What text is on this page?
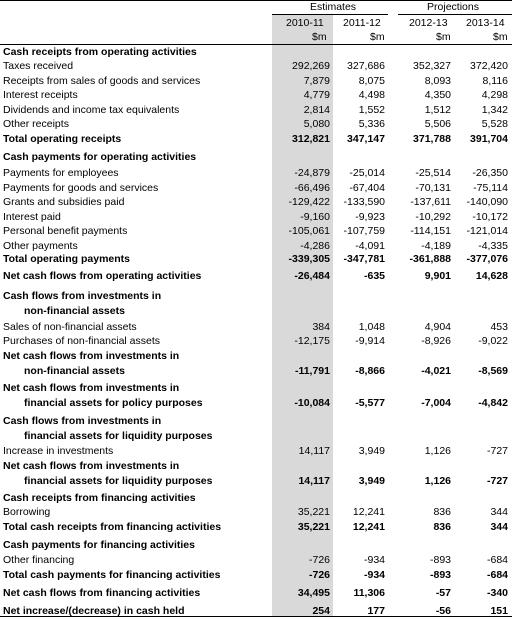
Estimates	Projections
2010-11 2011-12	2012-13 2013-14
$m	$m	$m	$m
Cash receipts from operating activities
Taxes received	292,269	327,686	352,327	372,420
Receipts from sales of goods and services	7,879	8,075	8,093	8,116
Interest receipts	4,779	4,498	4,350	4,298
Dividends and income tax equivalents	2,814	1,552	1,512	1,342
Other receipts	5,080	5,336	5,506	5,528
Total operating receipts	312,821	347,147	371,788	391,704
Cash payments for operating activities
Payments for employees	-24,879	-25,014	-25,514	-26,350
Payments for goods and services	-66,496	-67,404	-70,131	-75,114
Grants and subsidies paid	-129,422	-133,590	-137,611	-140,090
Interest paid	-9,160	-9,923	-10,292	-10,172
Personal benefit payments	-105,061	-107,759	-114,151	-121,014
Other payments	-4,286	-4,091	-4,189	-4,335
Total operating payments	-339,305	-347,781	-361,888	-377,076
Net cash flows from operating activities	-26,484	-635	9,901	14,628
Cash flows from investments in
non-financial assets
Sales of non-financial assets	384	1,048	4,904	453
Purchases of non-financial assets	-12,175	-9,914	-8,926	-9,022
Net cash flows from investments in
non-financial assets	-11,791	-8,866	-4,021	-8,569
Net cash flows from investments in
financial assets for policy purposes	-10,084	-5,577	-7,004	-4,842
Cash flows from investments in
financial assets for liquidity purposes
Increase in investments	14,117	3,949	1,126	-727
Net cash flows from investments in
financial assets for liquidity purposes	14,117	3,949	1,126	-727
Cash receipts from financing activities
Borrowing	35,221	12,241	836	344
Total cash receipts from financing activities	35,221	12,241	836	344
Cash payments for financing activities
Other financing	-726	-934	-893	-684
Total cash payments for financing activities	-726	-934	-893	-684
Net cash flows from financing activities	34,495	11,306	-57	-340
Net increase/(decrease) in cash held	254	177	-56	151
